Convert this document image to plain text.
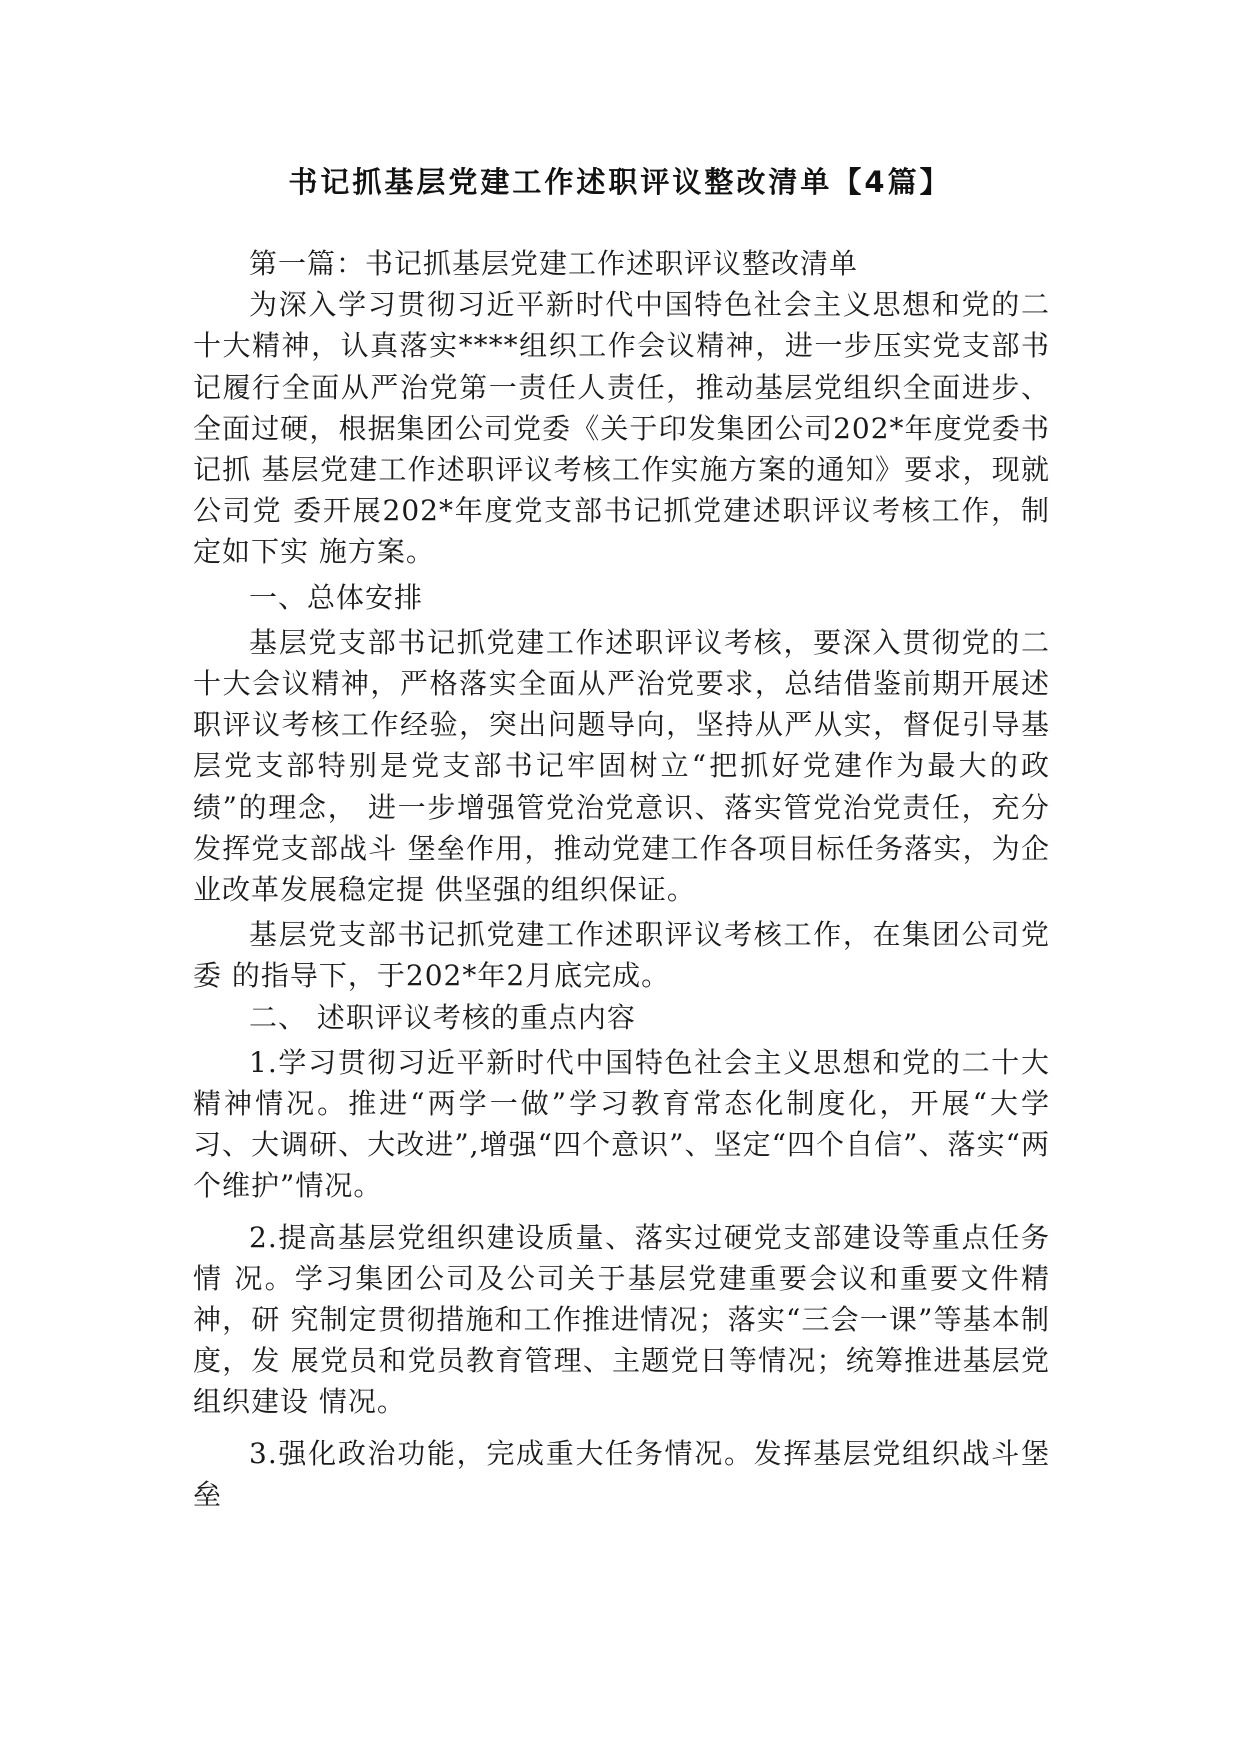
书记抓基层党建工作述职评议整改清单【4篇】

第一篇：书记抓基层党建工作述职评议整改清单

为深入学习贯彻习近平新时代中国特色社会主义思想和党的二十大精神，认真落实****组织工作会议精神，进一步压实党支部书记履行全面从严治党第一责任人责任，推动基层党组织全面进步、全面过硬，根据集团公司党委《关于印发集团公司202*年度党委书记抓 基层党建工作述职评议考核工作实施方案的通知》要求，现就公司党 委开展202*年度党支部书记抓党建述职评议考核工作，制定如下实 施方案。

一、总体安排

基层党支部书记抓党建工作述职评议考核，要深入贯彻党的二十大会议精神，严格落实全面从严治党要求，总结借鉴前期开展述职评议考核工作经验，突出问题导向，坚持从严从实，督促引导基层党支部特别是党支部书记牢固树立“把抓好党建作为最大的政绩”的理念， 进一步增强管党治党意识、落实管党治党责任，充分发挥党支部战斗 堡垒作用，推动党建工作各项目标任务落实，为企业改革发展稳定提 供坚强的组织保证。

基层党支部书记抓党建工作述职评议考核工作，在集团公司党委 的指导下，于202*年2月底完成。

二、 述职评议考核的重点内容

1.学习贯彻习近平新时代中国特色社会主义思想和党的二十大精神情况。推进“两学一做”学习教育常态化制度化，开展“大学习、大调研、大改进”,增强“四个意识”、坚定“四个自信”、落实“两 个维护”情况。

2.提高基层党组织建设质量、落实过硬党支部建设等重点任务情 况。学习集团公司及公司关于基层党建重要会议和重要文件精神，研 究制定贯彻措施和工作推进情况；落实“三会一课”等基本制度，发 展党员和党员教育管理、主题党日等情况；统筹推进基层党组织建设 情况。

3.强化政治功能，完成重大任务情况。发挥基层党组织战斗堡垒
